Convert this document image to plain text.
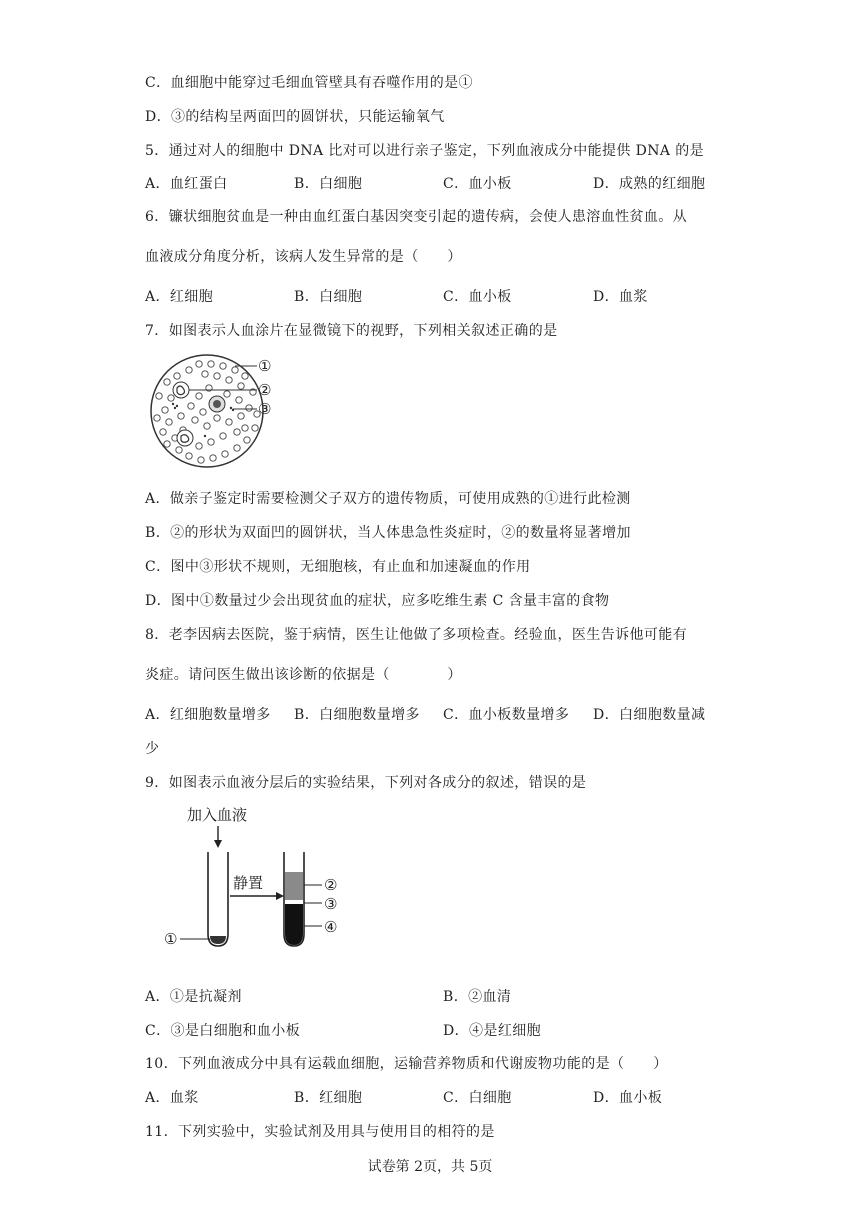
C．血细胞中能穿过毛细血管壁具有吞噬作用的是①
D．③的结构呈两面凹的圆饼状，只能运输氧气
5．通过对人的细胞中 DNA 比对可以进行亲子鉴定，下列血液成分中能提供 DNA 的是
A．血红蛋白	B．白细胞	C．血小板	D．成熟的红细胞
6．镰状细胞贫血是一种由血红蛋白基因突变引起的遗传病，会使人患溶血性贫血。从
血液成分角度分析，该病人发生异常的是（　　）
A．红细胞	B．白细胞	C．血小板	D．血浆
7．如图表示人血涂片在显微镜下的视野，下列相关叙述正确的是
①
②
③
A．做亲子鉴定时需要检测父子双方的遗传物质，可使用成熟的①进行此检测
B．②的形状为双面凹的圆饼状，当人体患急性炎症时，②的数量将显著增加
C．图中③形状不规则，无细胞核，有止血和加速凝血的作用
D．图中①数量过少会出现贫血的症状，应多吃维生素 C 含量丰富的食物
8．老李因病去医院，鉴于病情，医生让他做了多项检查。经验血，医生告诉他可能有
炎症。请问医生做出该诊断的依据是（　　　　）
A．红细胞数量增多 B．白细胞数量增多 C．血小板数量增多 D．白细胞数量减
少
9．如图表示血液分层后的实验结果，下列对各成分的叙述，错误的是
加入血液
①
静置	②
③
④
A．①是抗凝剂	B．②血清
C．③是白细胞和血小板	D．④是红细胞
10．下列血液成分中具有运载血细胞，运输营养物质和代谢废物功能的是（　　）
A．血浆	B．红细胞	C．白细胞	D．血小板
11．下列实验中，实验试剂及用具与使用目的相符的是
试卷第 2页，共 5页
